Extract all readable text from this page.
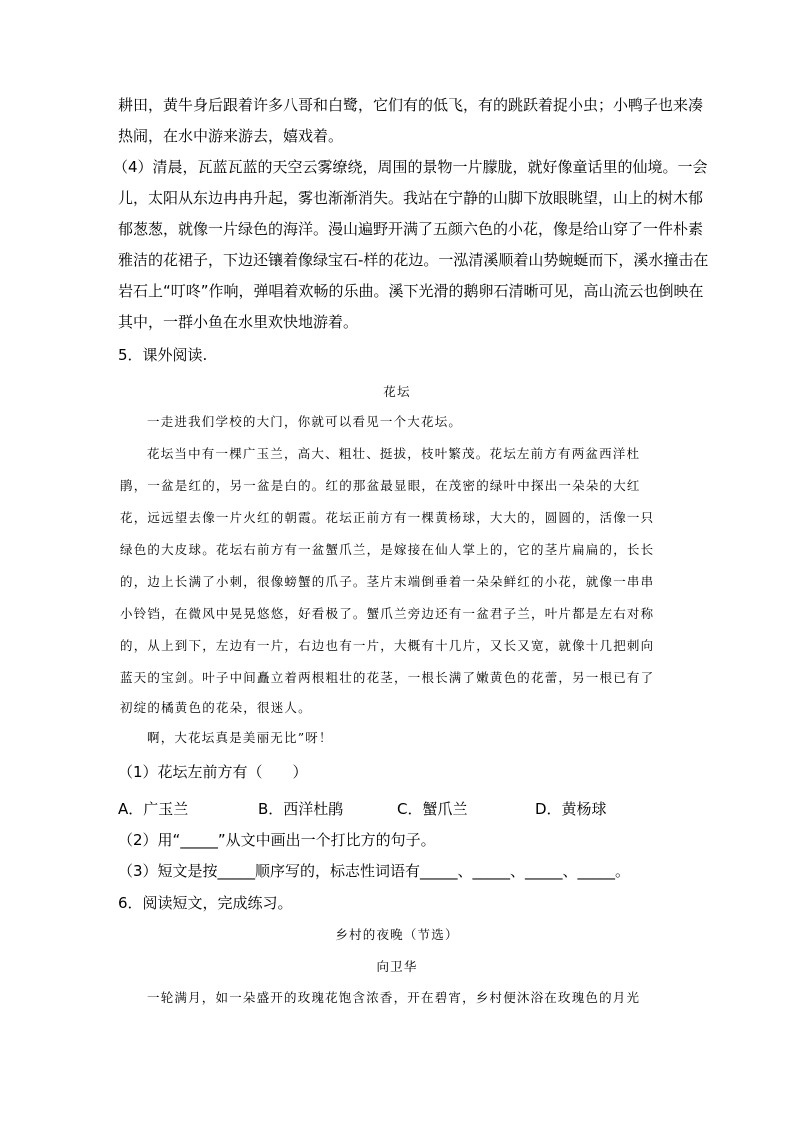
耕田，黄牛身后跟着许多八哥和白鹭，它们有的低飞，有的跳跃着捉小虫；小鸭子也来凑
热闹，在水中游来游去，嬉戏着。
（4）清晨，瓦蓝瓦蓝的天空云雾缭绕，周围的景物一片朦胧，就好像童话里的仙境。一会
儿，太阳从东边冉冉升起，雾也渐渐消失。我站在宁静的山脚下放眼眺望，山上的树木郁
郁葱葱，就像一片绿色的海洋。漫山遍野开满了五颜六色的小花，像是给山穿了一件朴素
雅洁的花裙子，下边还镶着像绿宝石-样的花边。一泓清溪顺着山势蜿蜒而下，溪水撞击在
岩石上“叮咚”作响，弹唱着欢畅的乐曲。溪下光滑的鹅卵石清晰可见，高山流云也倒映在
其中，一群小鱼在水里欢快地游着。
5．课外阅读.
花坛
一走进我们学校的大门，你就可以看见一个大花坛。
花坛当中有一棵广玉兰，高大、粗壮、挺拔，枝叶繁茂。花坛左前方有两盆西洋杜
鹃，一盆是红的，另一盆是白的。红的那盆最显眼，在茂密的绿叶中探出一朵朵的大红
花，远远望去像一片火红的朝霞。花坛正前方有一棵黄杨球，大大的，圆圆的，活像一只
绿色的大皮球。花坛右前方有一盆蟹爪兰，是嫁接在仙人掌上的，它的茎片扁扁的，长长
的，边上长满了小刺，很像螃蟹的爪子。茎片末端倒垂着一朵朵鲜红的小花，就像一串串
小铃铛，在微风中晃晃悠悠，好看极了。蟹爪兰旁边还有一盆君子兰，叶片都是左右对称
的，从上到下，左边有一片，右边也有一片，大概有十几片，又长又宽，就像十几把刺向
蓝天的宝剑。叶子中间矗立着两根粗壮的花茎，一根长满了嫩黄色的花蕾，另一根已有了
初绽的橘黄色的花朵，很迷人。
啊，大花坛真是美丽无比”呀！
（1）花坛左前方有（　　）
A．广玉兰	B．西洋杜鹃	C．蟹爪兰	D．黄杨球
（2）用“_____”从文中画出一个打比方的句子。
（3）短文是按_____顺序写的，标志性词语有_____、_____、_____、_____。
6．阅读短文，完成练习。
乡村的夜晚（节选）
向卫华
一轮满月，如一朵盛开的玫瑰花饱含浓香，开在碧宵，乡村便沐浴在玫瑰色的月光
